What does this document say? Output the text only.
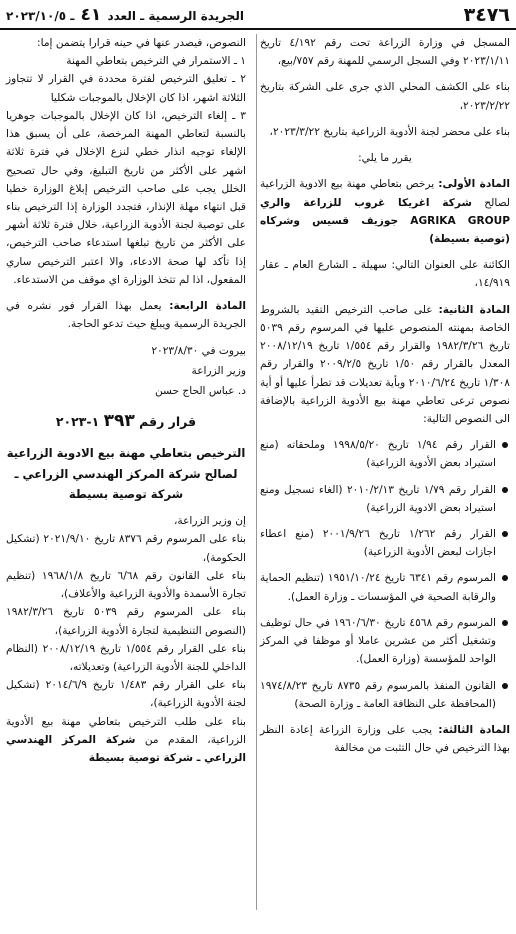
٣٤٧٦
الجريدة الرسمية ـ العدد ٤١ ـ ٢٠٢٣/١٠/٥

المسجل في وزارة الزراعة تحت رقم ٤/١٩٢ تاريخ ٢٠٢٣/١/١١ وفي السجل الرسمي للمهنة رقم ٧٥٧/بيع،

بناء على الكشف المحلي الذي جرى على الشركة بتاريخ ٢٠٢٣/٢/٢٢،

بناء على محضر لجنة الأدوية الزراعية بتاريخ ٢٠٢٣/٣/٢٢،

يقرر ما يلي:

المادة الأولى: يرخص بتعاطي مهنة بيع الادوية الزراعية لصالح شركة اغريكا غروب للزراعة والري AGRIKA GROUP جوزيف قسيس وشركاه (توصية بسيطة)

الكائنة على العنوان التالي: سهيلة ـ الشارع العام ـ عقار ١٤/٩١٩،

المادة الثانية: على صاحب الترخيص التقيد بالشروط الخاصة بمهنته المنصوص عليها في المرسوم رقم ٥٠٣٩ تاريخ ١٩٨٢/٣/٢٦ والقرار رقم ١/٥٥٤ تاريخ ٢٠٠٨/١٢/١٩ المعدل بالقرار رقم ١/٥٠ تاريخ ٢٠٠٩/٢/٥ والقرار رقم ١/٣٠٨ تاريخ ٢٠١٠/٦/٢٤ وبأية تعديلات قد تطرأ عليها أو أية نصوص ترعى تعاطي مهنة بيع الأدوية الزراعية بالإضافة الى النصوص التالية:

القرار رقم ١/٩٤ تاريخ ١٩٩٨/٥/٢٠ وملحقاته (منع استيراد بعض الأدوية الزراعية)
القرار رقم ١/٧٩ تاريخ ٢٠١٠/٢/١٣ (الغاء تسجيل ومنع استيراد بعض الادوية الزراعية)
القرار رقم ١/٢٦٢ تاريخ ٢٠٠١/٩/٢٦ (منع اعطاء اجازات لبعض الأدوية الزراعية)
المرسوم رقم ٦٣٤١ تاريخ ١٩٥١/١٠/٢٤ (تنظيم الحماية والرقابة الصحية في المؤسسات ـ وزارة العمل).
المرسوم رقم ٤٥٦٨ تاريخ ١٩٦٠/٦/٣٠ في حال توظيف وتشغيل أكثر من عشرين عاملا أو موظفا في المركز الواحد للمؤسسة (وزارة العمل).
القانون المنفذ بالمرسوم رقم ٨٧٣٥ تاريخ ١٩٧٤/٨/٢٣ (المحافظة على النظافة العامة ـ وزارة الصحة)

المادة الثالثة: يجب على وزارة الزراعة إعادة النظر بهذا الترخيص في حال التثبت من مخالفة

النصوص، فيصدر عنها في حينه قرارا يتضمن إما:

١ ـ الاستمرار في الترخيص بتعاطي المهنة

٢ ـ تعليق الترخيص لفترة محددة في القرار لا تتجاوز الثلاثة اشهر، اذا كان الإخلال بالموجبات شكليا

٣ ـ إلغاء الترخيص، اذا كان الإخلال بالموجبات جوهريا بالنسبة لتعاطي المهنة المرخصة، على أن يسبق هذا الإلغاء توجيه انذار خطي لنزع الإخلال في فترة ثلاثة اشهر على الأكثر من تاريخ التبليغ، وفي حال تصحيح الخلل يجب على صاحب الترخيص إبلاغ الوزارة خطيا قبل انتهاء مهلة الإنذار، فتجدد الوزارة إذا الترخيص بناء على توصية لجنة الأدوية الزراعية، خلال فترة ثلاثة أشهر على الأكثر من تاريخ تبلغها استدعاء صاحب الترخيص، إذا تأكد لها صحة الادعاء، والا اعتبر الترخيص ساري المفعول، اذا لم تتخذ الوزارة اي موقف من الاستدعاء.

المادة الرابعة: يعمل بهذا القرار فور نشره في الجريدة الرسمية ويبلغ حيث تدعو الحاجة.

بيروت في ٢٠٢٣/٨/٣٠

وزير الزراعة

د. عباس الحاج حسن

قرار رقم ٣٩٣ ١-٢٠٢٣
الترخيص بتعاطي مهنة بيع الادوية الزراعية لصالح شركة المركز الهندسي الزراعي ـ شركة توصية بسيطة

إن وزير الزراعة،

بناء على المرسوم رقم ٨٣٧٦ تاريخ ٢٠٢١/٩/١٠ (تشكيل الحكومة)،

بناء على القانون رقم ٦/٦٨ تاريخ ١٩٦٨/١/٨ (تنظيم تجارة الأسمدة والأدوية الزراعية والأعلاف)،

بناء على المرسوم رقم ٥٠٣٩ تاريخ ١٩٨٢/٣/٢٦ (النصوص التنظيمية لتجارة الأدوية الزراعية)،

بناء على القرار رقم ١/٥٥٤ تاريخ ٢٠٠٨/١٢/١٩ (النظام الداخلي للجنة الأدوية الزراعية) وتعديلاته،

بناء على القرار رقم ١/٤٨٣ تاريخ ٢٠١٤/٦/٩ (تشكيل لجنة الأدوية الزراعية)،

بناء على طلب الترخيص بتعاطي مهنة بيع الأدوية الزراعية، المقدم من شركة المركز الهندسي الزراعي ـ شركة توصية بسيطة
